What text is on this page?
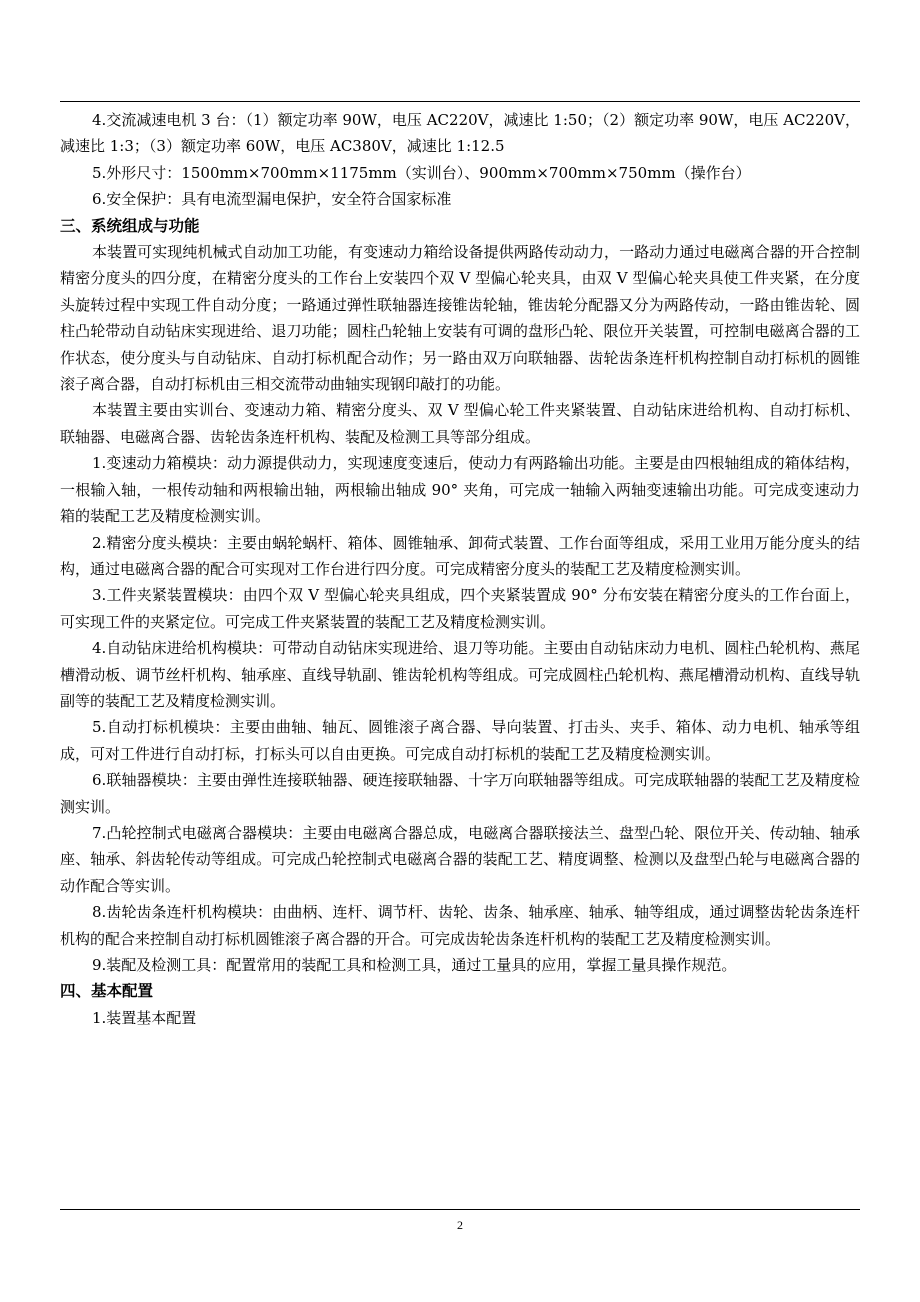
4.交流减速电机 3 台：（1）额定功率 90W，电压 AC220V，减速比 1:50；（2）额定功率 90W，电压 AC220V，减速比 1:3；（3）额定功率 60W，电压 AC380V，减速比 1:12.5

5.外形尺寸：1500mm×700mm×1175mm（实训台）、900mm×700mm×750mm（操作台）

6.安全保护：具有电流型漏电保护，安全符合国家标准

三、系统组成与功能

本装置可实现纯机械式自动加工功能，有变速动力箱给设备提供两路传动动力，一路动力通过电磁离合器的开合控制精密分度头的四分度，在精密分度头的工作台上安装四个双 V 型偏心轮夹具，由双 V 型偏心轮夹具使工件夹紧，在分度头旋转过程中实现工件自动分度；一路通过弹性联轴器连接锥齿轮轴，锥齿轮分配器又分为两路传动，一路由锥齿轮、圆柱凸轮带动自动钻床实现进给、退刀功能；圆柱凸轮轴上安装有可调的盘形凸轮、限位开关装置，可控制电磁离合器的工作状态，使分度头与自动钻床、自动打标机配合动作；另一路由双万向联轴器、齿轮齿条连杆机构控制自动打标机的圆锥滚子离合器，自动打标机由三相交流带动曲轴实现钢印敲打的功能。

本装置主要由实训台、变速动力箱、精密分度头、双 V 型偏心轮工件夹紧装置、自动钻床进给机构、自动打标机、联轴器、电磁离合器、齿轮齿条连杆机构、装配及检测工具等部分组成。

1.变速动力箱模块：动力源提供动力，实现速度变速后，使动力有两路输出功能。主要是由四根轴组成的箱体结构，一根输入轴，一根传动轴和两根输出轴，两根输出轴成 90° 夹角，可完成一轴输入两轴变速输出功能。可完成变速动力箱的装配工艺及精度检测实训。

2.精密分度头模块：主要由蜗轮蜗杆、箱体、圆锥轴承、卸荷式装置、工作台面等组成，采用工业用万能分度头的结构，通过电磁离合器的配合可实现对工作台进行四分度。可完成精密分度头的装配工艺及精度检测实训。

3.工件夹紧装置模块：由四个双 V 型偏心轮夹具组成，四个夹紧装置成 90° 分布安装在精密分度头的工作台面上，可实现工件的夹紧定位。可完成工件夹紧装置的装配工艺及精度检测实训。

4.自动钻床进给机构模块：可带动自动钻床实现进给、退刀等功能。主要由自动钻床动力电机、圆柱凸轮机构、燕尾槽滑动板、调节丝杆机构、轴承座、直线导轨副、锥齿轮机构等组成。可完成圆柱凸轮机构、燕尾槽滑动机构、直线导轨副等的装配工艺及精度检测实训。

5.自动打标机模块：主要由曲轴、轴瓦、圆锥滚子离合器、导向装置、打击头、夹手、箱体、动力电机、轴承等组成，可对工件进行自动打标，打标头可以自由更换。可完成自动打标机的装配工艺及精度检测实训。

6.联轴器模块：主要由弹性连接联轴器、硬连接联轴器、十字万向联轴器等组成。可完成联轴器的装配工艺及精度检测实训。

7.凸轮控制式电磁离合器模块：主要由电磁离合器总成，电磁离合器联接法兰、盘型凸轮、限位开关、传动轴、轴承座、轴承、斜齿轮传动等组成。可完成凸轮控制式电磁离合器的装配工艺、精度调整、检测以及盘型凸轮与电磁离合器的动作配合等实训。

8.齿轮齿条连杆机构模块：由曲柄、连杆、调节杆、齿轮、齿条、轴承座、轴承、轴等组成，通过调整齿轮齿条连杆机构的配合来控制自动打标机圆锥滚子离合器的开合。可完成齿轮齿条连杆机构的装配工艺及精度检测实训。

9.装配及检测工具：配置常用的装配工具和检测工具，通过工量具的应用，掌握工量具操作规范。

四、基本配置

1.装置基本配置

2
